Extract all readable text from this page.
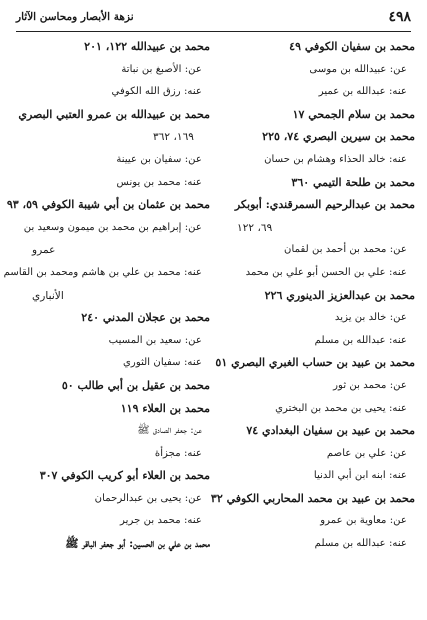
٤٩٨
نزهة الأبصار ومحاسن الآثار
محمد بن سفيان الكوفي ٤٩
عن: عبيدالله بن موسى
عنه: عبدالله بن عمير
محمد بن سلام الجمحي ١٧
محمد بن سيرين البصري ٧٤، ٢٢٥
عنه: خالد الحذاء وهشام بن حسان
محمد بن طلحة التيمي ٣٦٠
محمد بن عبدالرحيم السمرقندي: أبوبكر
٦٩، ١٢٢
عن: محمد بن أحمد بن لقمان
عنه: علي بن الحسن أبو علي بن محمد
محمد بن عبدالعزيز الدينوري ٢٢٦
عن: خالد بن يزيد
عنه: عبدالله بن مسلم
محمد بن عبيد بن حساب الغبري البصري ٥١
عن: محمد بن ثور
عنه: يحيى بن محمد بن البختري
محمد بن عبيد بن سفيان البغدادي ٧٤
عن: علي بن عاصم
عنه: ابنه ابن أبي الدنيا
محمد بن عبيد بن محمد المحاربي الكوفي ٣٢
عن: معاوية بن عمرو
عنه: عبدالله بن مسلم
محمد بن عبيدالله ١٢٢، ٢٠١
عن: الأصبغ بن نباتة
عنه: رزق الله الكوفي
محمد بن عبيدالله بن عمرو العتبي البصري
١٦٩، ٣٦٢
عن: سفيان بن عيينة
عنه: محمد بن يونس
محمد بن عثمان بن أبي شيبة الكوفي ٥٩، ٩٣
عن: إبراهيم بن محمد بن ميمون وسعيد بن
عمرو
عنه: محمد بن علي بن هاشم ومحمد بن القاسم
الأنباري
محمد بن عجلان المدني ٢٤٠
عن: سعيد بن المسيب
عنه: سفيان الثوري
محمد بن عقيل بن أبي طالب ٥٠
محمد بن العلاء ١١٩
عن: جعفر الصادق ﷺ
عنه: مجزأة
محمد بن العلاء أبو كريب الكوفي ٣٠٧
عن: يحيى بن عبدالرحمان
عنه: محمد بن جرير
محمد بن علي بن الحسين: أبو جعفر الباقر ﷺ
